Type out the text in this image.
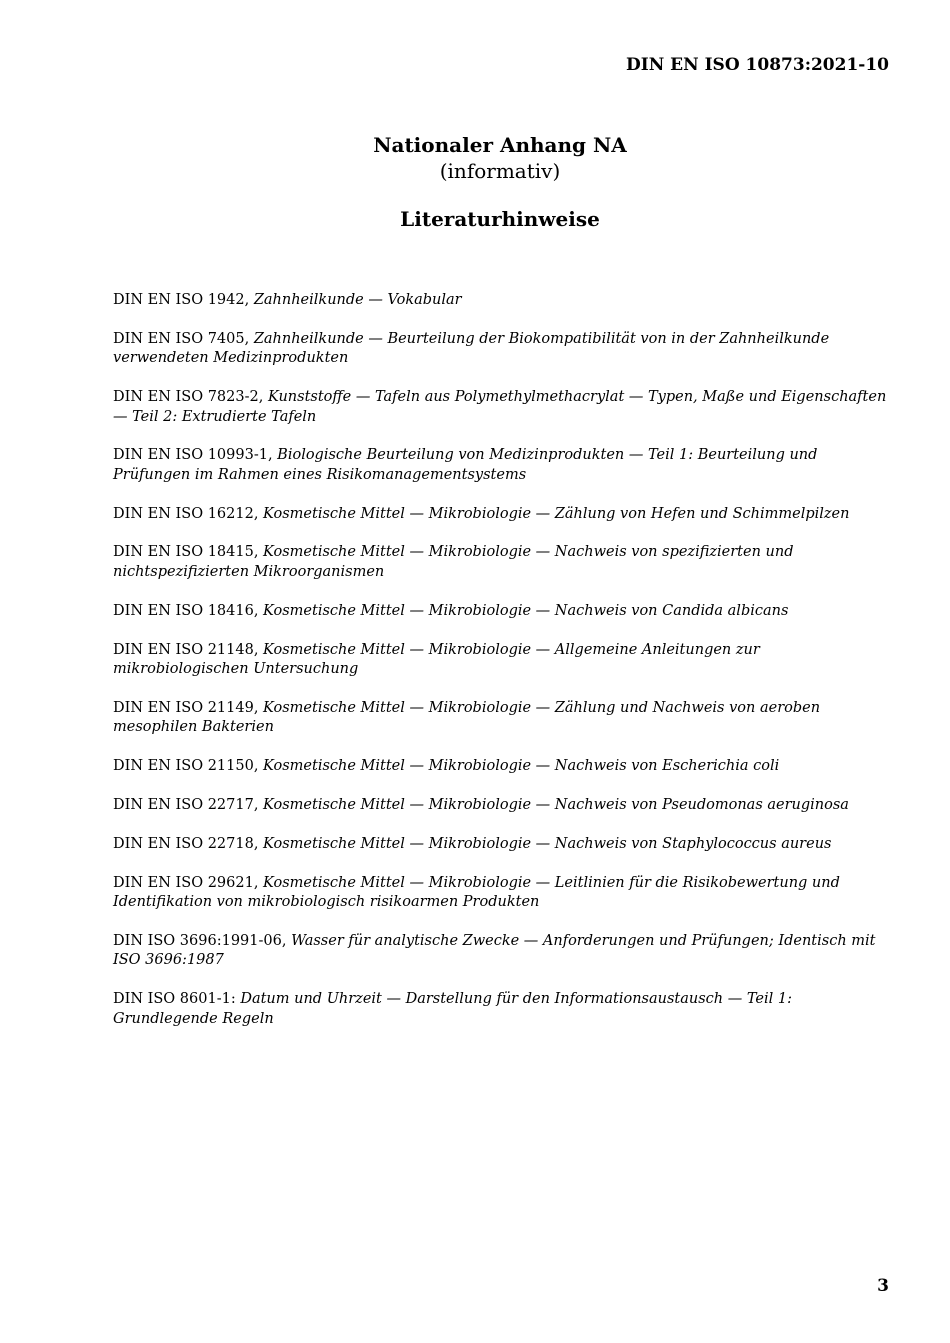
DIN EN ISO 10873:2021-10

Nationaler Anhang NA

(informativ)

Literaturhinweise

DIN EN ISO 1942, Zahnheilkunde — Vokabular
DIN EN ISO 7405, Zahnheilkunde — Beurteilung der Biokompatibilität von in der Zahnheilkunde verwendeten Medizinprodukten
DIN EN ISO 7823-2, Kunststoffe — Tafeln aus Polymethylmethacrylat — Typen, Maße und Eigenschaften — Teil 2: Extrudierte Tafeln
DIN EN ISO 10993-1, Biologische Beurteilung von Medizinprodukten — Teil 1: Beurteilung und Prüfungen im Rahmen eines Risikomanagementsystems
DIN EN ISO 16212, Kosmetische Mittel — Mikrobiologie — Zählung von Hefen und Schimmelpilzen
DIN EN ISO 18415, Kosmetische Mittel — Mikrobiologie — Nachweis von spezifizierten und nichtspezifizierten Mikroorganismen
DIN EN ISO 18416, Kosmetische Mittel — Mikrobiologie — Nachweis von Candida albicans
DIN EN ISO 21148, Kosmetische Mittel — Mikrobiologie — Allgemeine Anleitungen zur mikrobiologischen Untersuchung
DIN EN ISO 21149, Kosmetische Mittel — Mikrobiologie — Zählung und Nachweis von aeroben mesophilen Bakterien
DIN EN ISO 21150, Kosmetische Mittel — Mikrobiologie — Nachweis von Escherichia coli
DIN EN ISO 22717, Kosmetische Mittel — Mikrobiologie — Nachweis von Pseudomonas aeruginosa
DIN EN ISO 22718, Kosmetische Mittel — Mikrobiologie — Nachweis von Staphylococcus aureus
DIN EN ISO 29621, Kosmetische Mittel — Mikrobiologie — Leitlinien für die Risikobewertung und Identifikation von mikrobiologisch risikoarmen Produkten
DIN ISO 3696:1991-06, Wasser für analytische Zwecke — Anforderungen und Prüfungen; Identisch mit ISO 3696:1987
DIN ISO 8601-1: Datum und Uhrzeit — Darstellung für den Informationsaustausch — Teil 1: Grundlegende Regeln

3
